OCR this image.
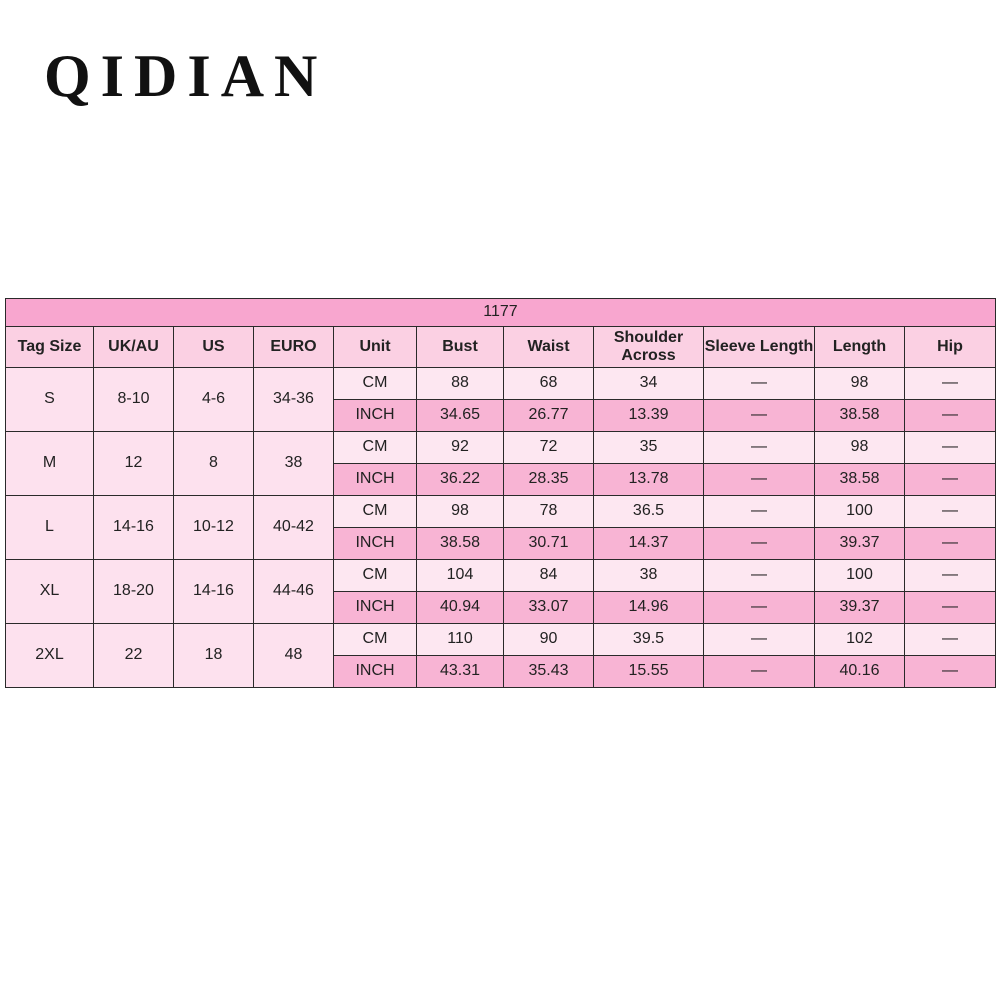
QIDIAN
1177										
Tag Size	UK/AU	US	EURO	Unit	Bust	Waist	Shoulder Across	Sleeve Length	Length	Hip
S	8-10	4-6	34-36	CM	88	68	34	—	98	—
				INCH	34.65	26.77	13.39	—	38.58	—
M	12	8	38	CM	92	72	35	—	98	—
				INCH	36.22	28.35	13.78	—	38.58	—
L	14-16	10-12	40-42	CM	98	78	36.5	—	100	—
				INCH	38.58	30.71	14.37	—	39.37	—
XL	18-20	14-16	44-46	CM	104	84	38	—	100	—
				INCH	40.94	33.07	14.96	—	39.37	—
2XL	22	18	48	CM	110	90	39.5	—	102	—
				INCH	43.31	35.43	15.55	—	40.16	—
